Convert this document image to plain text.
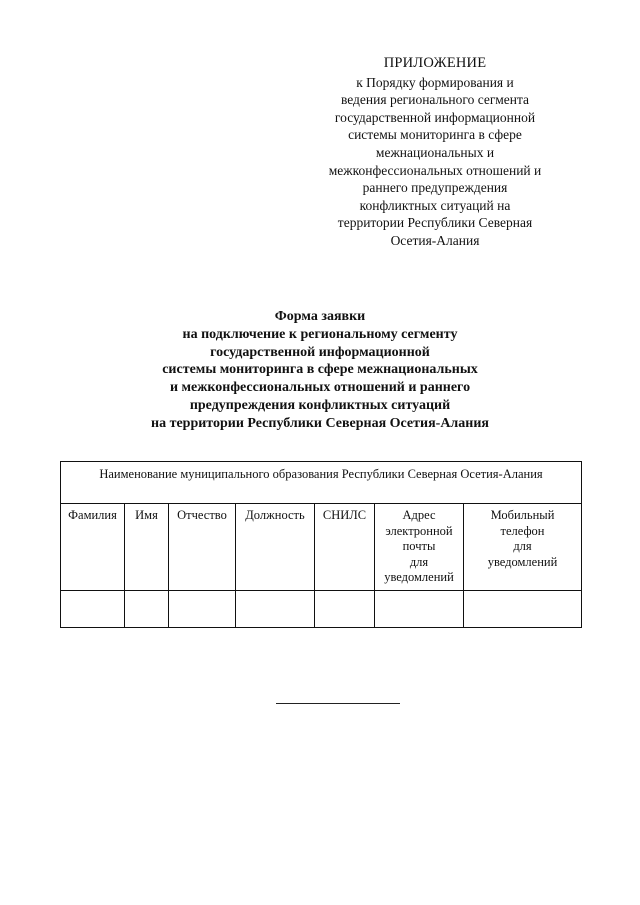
ПРИЛОЖЕНИЕ
к Порядку формирования и
ведения регионального сегмента
государственной информационной
системы мониторинга в сфере
межнациональных и
межконфессиональных отношений и
раннего предупреждения
конфликтных ситуаций на
территории Республики Северная
Осетия-Алания
Форма заявки
на подключение к региональному сегменту
государственной информационной
системы мониторинга в сфере межнациональных
и межконфессиональных отношений и раннего
предупреждения конфликтных ситуаций
на территории Республики Северная Осетия-Алания
Наименование муниципального образования Республики Северная Осетия-Алания						
Фамилия	Имя	Отчество	Должность	СНИЛС	Адрес
электронной
почты
для
уведомлений	Мобильный
телефон
для
уведомлений
